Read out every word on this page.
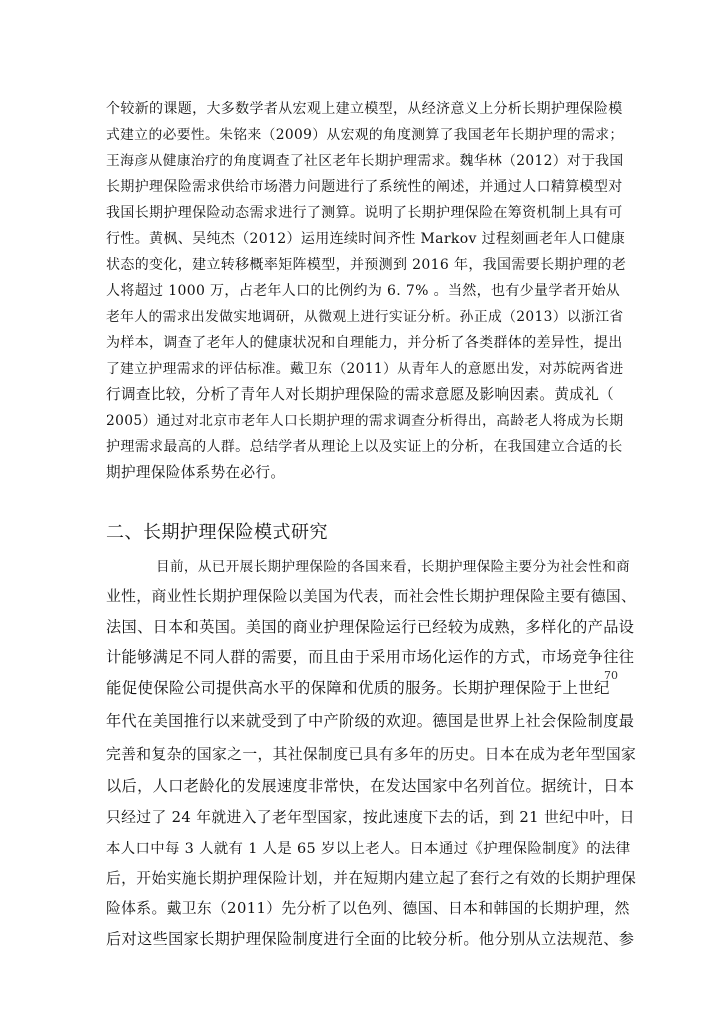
个较新的课题，大多数学者从宏观上建立模型，从经济意义上分析长期护理保险模
式建立的必要性。朱铭来（2009）从宏观的角度测算了我国老年长期护理的需求；
王海彦从健康治疗的角度调查了社区老年长期护理需求。魏华林（2012）对于我国
长期护理保险需求供给市场潜力问题进行了系统性的阐述，并通过人口精算模型对
我国长期护理保险动态需求进行了测算。说明了长期护理保险在筹资机制上具有可
行性。黄枫、吴纯杰（2012）运用连续时间齐性 Markov 过程刻画老年人口健康
状态的变化，建立转移概率矩阵模型，并预测到 2016 年，我国需要长期护理的老
人将超过 1000 万，占老年人口的比例约为 6. 7% 。当然，也有少量学者开始从
老年人的需求出发做实地调研，从微观上进行实证分析。孙正成（2013）以浙江省
为样本，调查了老年人的健康状况和自理能力，并分析了各类群体的差异性，提出
了建立护理需求的评估标准。戴卫东（2011）从青年人的意愿出发，对苏皖两省进
行调查比较，分析了青年人对长期护理保险的需求意愿及影响因素。黄成礼（
2005）通过对北京市老年人口长期护理的需求调查分析得出，高龄老人将成为长期
护理需求最高的人群。总结学者从理论上以及实证上的分析，在我国建立合适的长
期护理保险体系势在必行。
二、长期护理保险模式研究
目前，从已开展长期护理保险的各国来看，长期护理保险主要分为社会性和商
业性，商业性长期护理保险以美国为代表，而社会性长期护理保险主要有德国、
法国、日本和英国。美国的商业护理保险运行已经较为成熟，多样化的产品设
计能够满足不同人群的需要，而且由于采用市场化运作的方式，市场竞争往往
能促使保险公司提供高水平的保障和优质的服务。长期护理保险于上世纪
年代在美国推行以来就受到了中产阶级的欢迎。德国是世界上社会保险制度最
完善和复杂的国家之一，其社保制度已具有多年的历史。日本在成为老年型国家
以后，人口老龄化的发展速度非常快，在发达国家中名列首位。据统计，日本
只经过了 24 年就进入了老年型国家，按此速度下去的话，到 21 世纪中叶，日
本人口中每 3 人就有 1 人是 65 岁以上老人。日本通过《护理保险制度》的法律
后，开始实施长期护理保险计划，并在短期内建立起了套行之有效的长期护理保
险体系。戴卫东（2011）先分析了以色列、德国、日本和韩国的长期护理，然
后对这些国家长期护理保险制度进行全面的比较分析。他分别从立法规范、参
70
